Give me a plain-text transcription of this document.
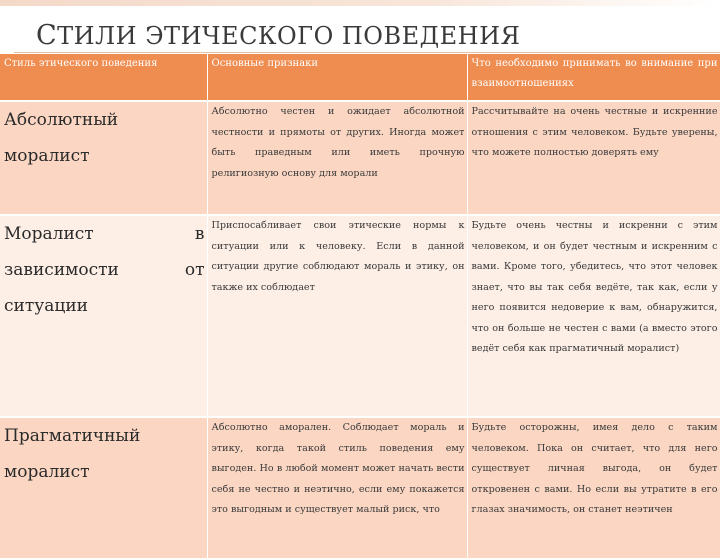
СТИЛИ ЭТИЧЕСКОГО ПОВЕДЕНИЯ
Стиль этического поведения	Основные признаки	Что необходимо принимать во внимание при взаимоотношениях
Абсолютный моралист	Абсолютно честен и ожидает абсолютной честности и прямоты от других. Иногда может быть праведным или иметь прочную религиозную основу для морали	Рассчитывайте на очень честные и искренние отношения с этим человеком. Будьте уверены, что можете полностью доверять ему
Моралист в зависимости от ситуации	Приспосабливает свои этические нормы к ситуации или к человеку. Если в данной ситуации другие соблюдают мораль и этику, он также их соблюдает	Будьте очень честны и искренни с этим человеком, и он будет честным и искренним с вами. Кроме того, убедитесь, что этот человек знает, что вы так себя ведёте, так как, если у него появится недоверие к вам, обнаружится, что он больше не честен с вами (а вместо этого ведёт себя как прагматичный моралист)
Прагматичный моралист	Абсолютно аморален. Соблюдает мораль и этику, когда такой стиль поведения ему выгоден. Но в любой момент может начать вести себя не честно и неэтично, если ему покажется это выгодным и существует малый риск, что	Будьте осторожны, имея дело с таким человеком. Пока он считает, что для него существует личная выгода, он будет откровенен с вами. Но если вы утратите в его глазах значимость, он станет неэтичен
